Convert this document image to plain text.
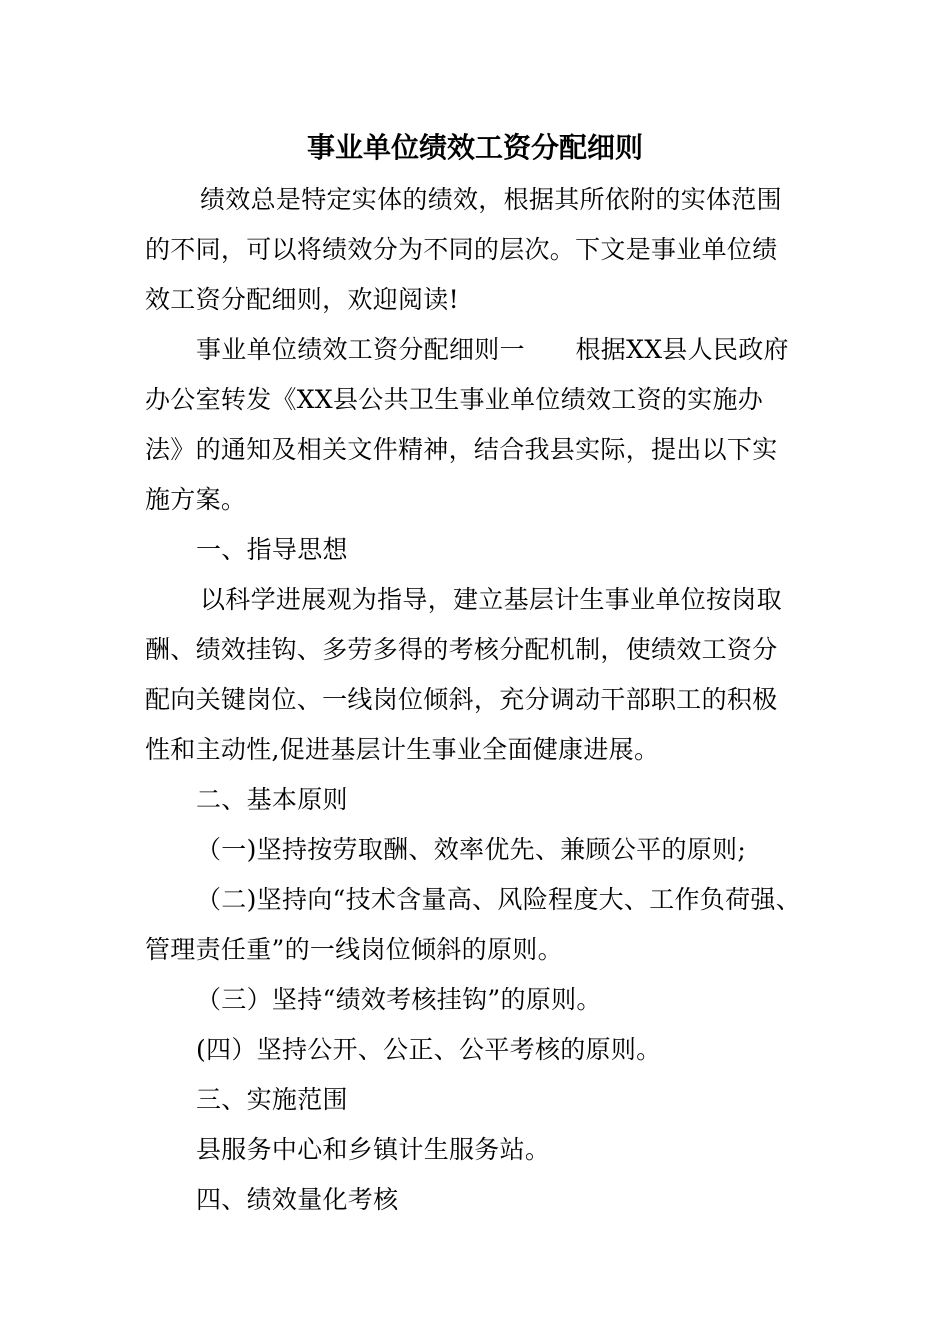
事业单位绩效工资分配细则
绩效总是特定实体的绩效，根据其所依附的实体范围
的不同，可以将绩效分为不同的层次。下文是事业单位绩
效工资分配细则，欢迎阅读!
事业单位绩效工资分配细则一　　根据XX县人民政府
办公室转发《XX县公共卫生事业单位绩效工资的实施办
法》的通知及相关文件精神，结合我县实际，提出以下实
施方案。
一、指导思想
以科学进展观为指导，建立基层计生事业单位按岗取
酬、绩效挂钩、多劳多得的考核分配机制，使绩效工资分
配向关键岗位、一线岗位倾斜，充分调动干部职工的积极
性和主动性,促进基层计生事业全面健康进展。
二、基本原则
（一)坚持按劳取酬、效率优先、兼顾公平的原则;
（二)坚持向“技术含量高、风险程度大、工作负荷强、
管理责任重”的一线岗位倾斜的原则。
（三）坚持“绩效考核挂钩”的原则。
(四）坚持公开、公正、公平考核的原则。
三、实施范围
县服务中心和乡镇计生服务站。
四、绩效量化考核
